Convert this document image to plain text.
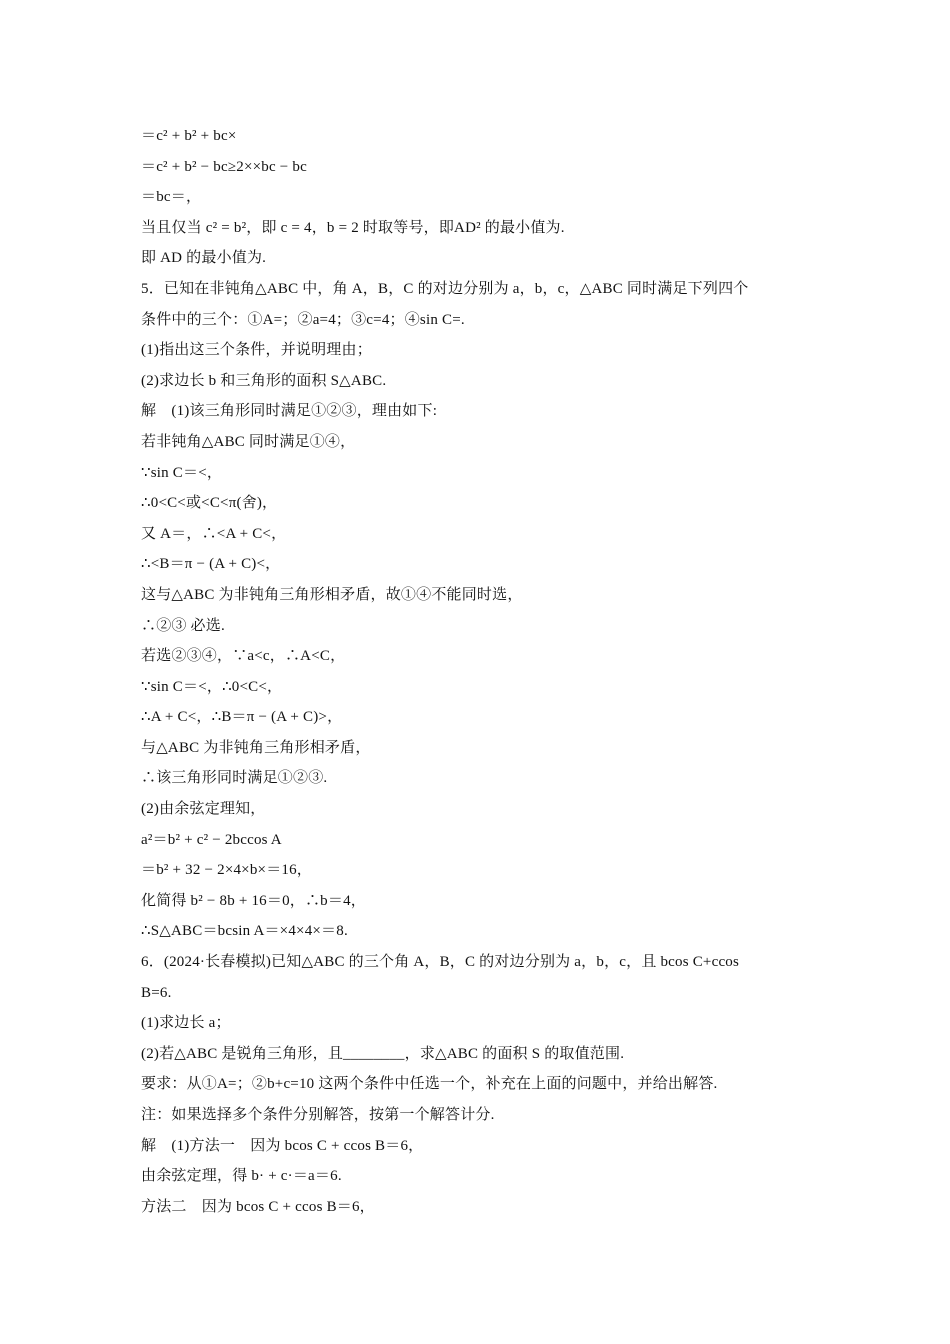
＝c² + b² + bc×
＝c² + b² − bc≥2××bc − bc
＝bc＝，
当且仅当 c² = b²，即 c = 4，b = 2 时取等号，即AD² 的最小值为.
即 AD 的最小值为.
5．已知在非钝角△ABC 中，角 A，B，C 的对边分别为 a，b，c，△ABC 同时满足下列四个
条件中的三个：①A=；②a=4；③c=4；④sin C=.
(1)指出这三个条件，并说明理由；
(2)求边长 b 和三角形的面积 S△ABC.
解　(1)该三角形同时满足①②③，理由如下:
若非钝角△ABC 同时满足①④，
∵sin C＝<，
∴0<C<或<C<π(舍)，
又 A＝，∴<A + C<，
∴<B＝π − (A + C)<，
这与△ABC 为非钝角三角形相矛盾，故①④不能同时选，
∴②③ 必选.
若选②③④，∵a<c，∴A<C，
∵sin C＝<，∴0<C<，
∴A + C<，∴B＝π − (A + C)>，
与△ABC 为非钝角三角形相矛盾，
∴该三角形同时满足①②③.
(2)由余弦定理知，
a²＝b² + c² − 2bccos A
＝b² + 32 − 2×4×b×＝16，
化简得 b² − 8b + 16＝0，∴b＝4，
∴S△ABC＝bcsin A＝×4×4×＝8.
6．(2024·长春模拟)已知△ABC 的三个角 A，B，C 的对边分别为 a，b，c，且 bcos C+ccos
B=6.
(1)求边长 a；
(2)若△ABC 是锐角三角形，且________，求△ABC 的面积 S 的取值范围.
要求：从①A=；②b+c=10 这两个条件中任选一个，补充在上面的问题中，并给出解答.
注：如果选择多个条件分别解答，按第一个解答计分.
解　(1)方法一　因为 bcos C + ccos B＝6，
由余弦定理，得 b· + c·＝a＝6.
方法二　因为 bcos C + ccos B＝6，
